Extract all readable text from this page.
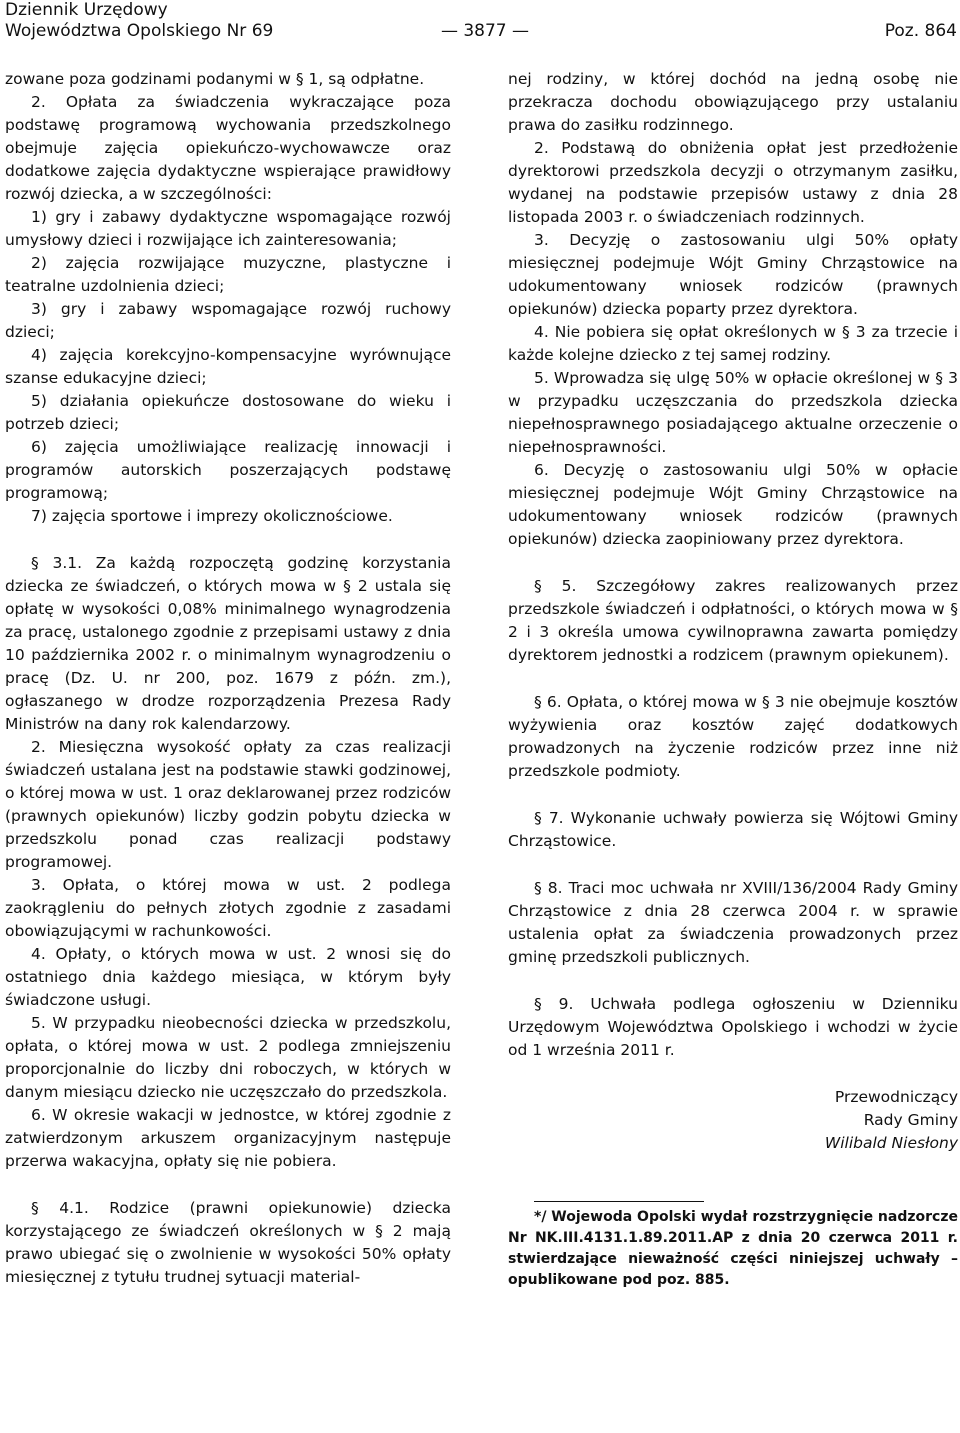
Dziennik Urzędowy
Województwa Opolskiego Nr 69	Poz. 864
— 3877 —

zowane poza godzinami podanymi w § 1, są odpłatne.

2. Opłata za świadczenia wykraczające poza podstawę programową wychowania przedszkolnego obejmuje zajęcia opiekuńczo-wychowawcze oraz dodatkowe zajęcia dydaktyczne wspierające prawidłowy rozwój dziecka, a w szczególności:

1) gry i zabawy dydaktyczne wspomagające rozwój umysłowy dzieci i rozwijające ich zainteresowania;

2) zajęcia rozwijające muzyczne, plastyczne i teatralne uzdolnienia dzieci;

3) gry i zabawy wspomagające rozwój ruchowy dzieci;

4) zajęcia korekcyjno-kompensacyjne wyrównujące szanse edukacyjne dzieci;

5) działania opiekuńcze dostosowane do wieku i potrzeb dzieci;

6) zajęcia umożliwiające realizację innowacji i programów autorskich poszerzających podstawę programową;

7) zajęcia sportowe i imprezy okolicznościowe.

§ 3.1. Za każdą rozpoczętą godzinę korzystania dziecka ze świadczeń, o których mowa w § 2 ustala się opłatę w wysokości 0,08% minimalnego wynagrodzenia za pracę, ustalonego zgodnie z przepisami ustawy z dnia 10 października 2002 r. o minimalnym wynagrodzeniu o pracę (Dz. U. nr 200, poz. 1679 z późn. zm.), ogłaszanego w drodze rozporządzenia Prezesa Rady Ministrów na dany rok kalendarzowy.

2. Miesięczna wysokość opłaty za czas realizacji świadczeń ustalana jest na podstawie stawki godzinowej, o której mowa w ust. 1 oraz deklarowanej przez rodziców (prawnych opiekunów) liczby godzin pobytu dziecka w przedszkolu ponad czas realizacji podstawy programowej.

3. Opłata, o której mowa w ust. 2 podlega zaokrągleniu do pełnych złotych zgodnie z zasadami obowiązującymi w rachunkowości.

4. Opłaty, o których mowa w ust. 2 wnosi się do ostatniego dnia każdego miesiąca, w którym były świadczone usługi.

5. W przypadku nieobecności dziecka w przedszkolu, opłata, o której mowa w ust. 2 podlega zmniejszeniu proporcjonalnie do liczby dni roboczych, w których w danym miesiącu dziecko nie uczęszczało do przedszkola.

6. W okresie wakacji w jednostce, w której zgodnie z zatwierdzonym arkuszem organizacyjnym następuje przerwa wakacyjna, opłaty się nie pobiera.

§ 4.1. Rodzice (prawni opiekunowie) dziecka korzystającego ze świadczeń określonych w § 2 mają prawo ubiegać się o zwolnienie w wysokości 50% opłaty miesięcznej z tytułu trudnej sytuacji material-

nej rodziny, w której dochód na jedną osobę nie przekracza dochodu obowiązującego przy ustalaniu prawa do zasiłku rodzinnego.

2. Podstawą do obniżenia opłat jest przedłożenie dyrektorowi przedszkola decyzji o otrzymanym zasiłku, wydanej na podstawie przepisów ustawy z dnia 28 listopada 2003 r. o świadczeniach rodzinnych.

3. Decyzję o zastosowaniu ulgi 50% opłaty miesięcznej podejmuje Wójt Gminy Chrząstowice na udokumentowany wniosek rodziców (prawnych opiekunów) dziecka poparty przez dyrektora.

4. Nie pobiera się opłat określonych w § 3 za trzecie i każde kolejne dziecko z tej samej rodziny.

5. Wprowadza się ulgę 50% w opłacie określonej w § 3 w przypadku uczęszczania do przedszkola dziecka niepełnosprawnego posiadającego aktualne orzeczenie o niepełnosprawności.

6. Decyzję o zastosowaniu ulgi 50% w opłacie miesięcznej podejmuje Wójt Gminy Chrząstowice na udokumentowany wniosek rodziców (prawnych opiekunów) dziecka zaopiniowany przez dyrektora.

§ 5. Szczegółowy zakres realizowanych przez przedszkole świadczeń i odpłatności, o których mowa w § 2 i 3 określa umowa cywilnoprawna zawarta pomiędzy dyrektorem jednostki a rodzicem (prawnym opiekunem).

§ 6. Opłata, o której mowa w § 3 nie obejmuje kosztów wyżywienia oraz kosztów zajęć dodatkowych prowadzonych na życzenie rodziców przez inne niż przedszkole podmioty.

§ 7. Wykonanie uchwały powierza się Wójtowi Gminy Chrząstowice.

§ 8. Traci moc uchwała nr XVIII/136/2004 Rady Gminy Chrząstowice z dnia 28 czerwca 2004 r. w sprawie ustalenia opłat za świadczenia prowadzonych przez gminę przedszkoli publicznych.

§ 9. Uchwała podlega ogłoszeniu w Dzienniku Urzędowym Województwa Opolskiego i wchodzi w życie od 1 września 2011 r.

Przewodniczący
Rady Gminy
Wilibald Niesłony

*/ Wojewoda Opolski wydał rozstrzygnięcie nadzorcze Nr NK.III.4131.1.89.2011.AP z dnia 20 czerwca 2011 r. stwierdzające nieważność części niniejszej uchwały – opublikowane pod poz. 885.
